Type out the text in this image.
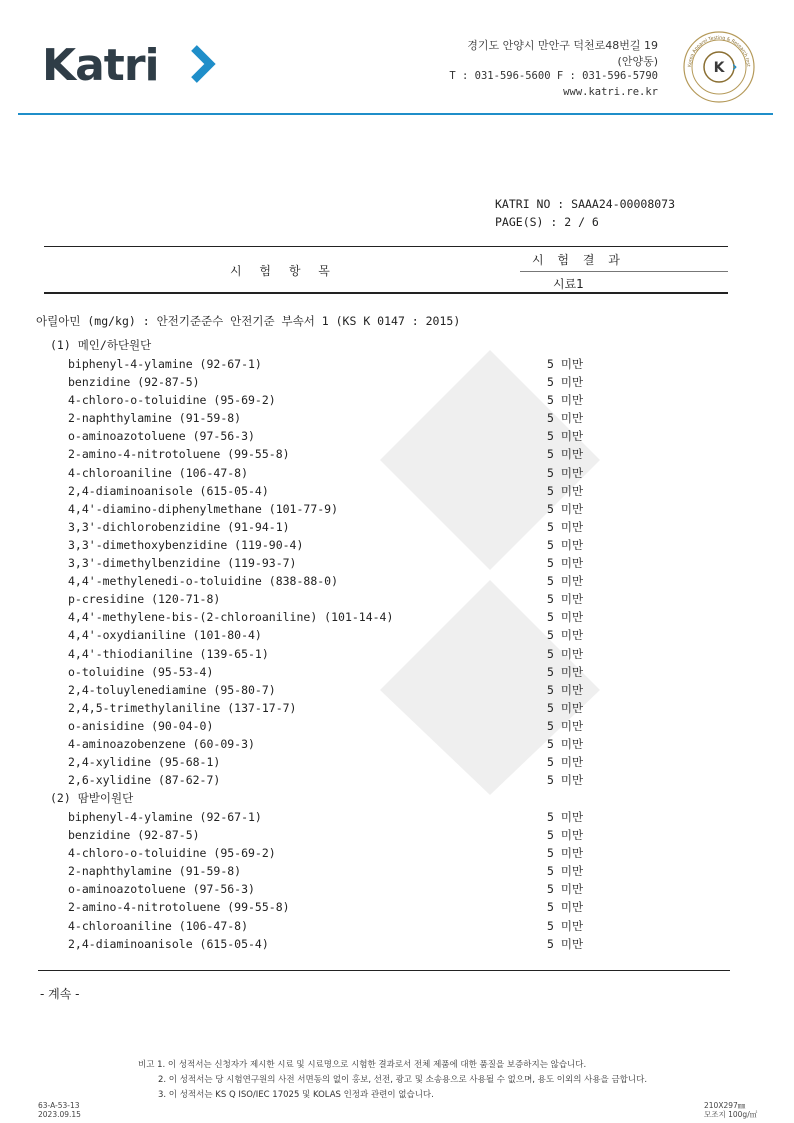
Katri	경기도 안양시 만안구 덕천로48번길 19
(안양동)
T : 031-596-5600 F : 031-596-5790
www.katri.re.kr
K ›
Korea Apparel Testing & Research Inst
KATRI NO : SAAA24-00008073
PAGE(S) : 2 / 6
시 험 항 목
시 험 결 과
시료1
아릴아민 (mg/kg) : 안전기준준수 안전기준 부속서 1 (KS K 0147 : 2015)
(1) 메인/하단원단
biphenyl-4-ylamine (92-67-1)
benzidine (92-87-5)
4-chloro-o-toluidine (95-69-2)
2-naphthylamine (91-59-8)
o-aminoazotoluene (97-56-3)
2-amino-4-nitrotoluene (99-55-8)
4-chloroaniline (106-47-8)
2,4-diaminoanisole (615-05-4)
4,4'-diamino-diphenylmethane (101-77-9)
3,3'-dichlorobenzidine (91-94-1)
3,3'-dimethoxybenzidine (119-90-4)
3,3'-dimethylbenzidine (119-93-7)
4,4'-methylenedi-o-toluidine (838-88-0)
p-cresidine (120-71-8)
4,4'-methylene-bis-(2-chloroaniline) (101-14-4)
4,4'-oxydianiline (101-80-4)
4,4'-thiodianiline (139-65-1)
o-toluidine (95-53-4)
2,4-toluylenediamine (95-80-7)
2,4,5-trimethylaniline (137-17-7)
o-anisidine (90-04-0)
4-aminoazobenzene (60-09-3)
2,4-xylidine (95-68-1)
2,6-xylidine (87-62-7)
5 미만
5 미만
5 미만
5 미만
5 미만
5 미만
5 미만
5 미만
5 미만
5 미만
5 미만
5 미만
5 미만
5 미만
5 미만
5 미만
5 미만
5 미만
5 미만
5 미만
5 미만
5 미만
5 미만
5 미만
(2) 땀받이원단
biphenyl-4-ylamine (92-67-1)
benzidine (92-87-5)
4-chloro-o-toluidine (95-69-2)
2-naphthylamine (91-59-8)
o-aminoazotoluene (97-56-3)
2-amino-4-nitrotoluene (99-55-8)
4-chloroaniline (106-47-8)
2,4-diaminoanisole (615-05-4)
5 미만
5 미만
5 미만
5 미만
5 미만
5 미만
5 미만
5 미만
- 계속 -
비고 1. 이 성적서는 신청자가 제시한 시료 및 시료명으로 시험한 결과로서 전체 제품에 대한 품질을 보증하지는 않습니다.
2. 이 성적서는 당 시험연구원의 사전 서면동의 없이 홍보, 선전, 광고 및 소송용으로 사용될 수 없으며, 용도 이외의 사용을 금합니다.
3. 이 성적서는 KS Q ISO/IEC 17025 및 KOLAS 인정과 관련이 없습니다.
63-A-53-13
2023.09.15
210X297㎜
모조지 100g/㎡
